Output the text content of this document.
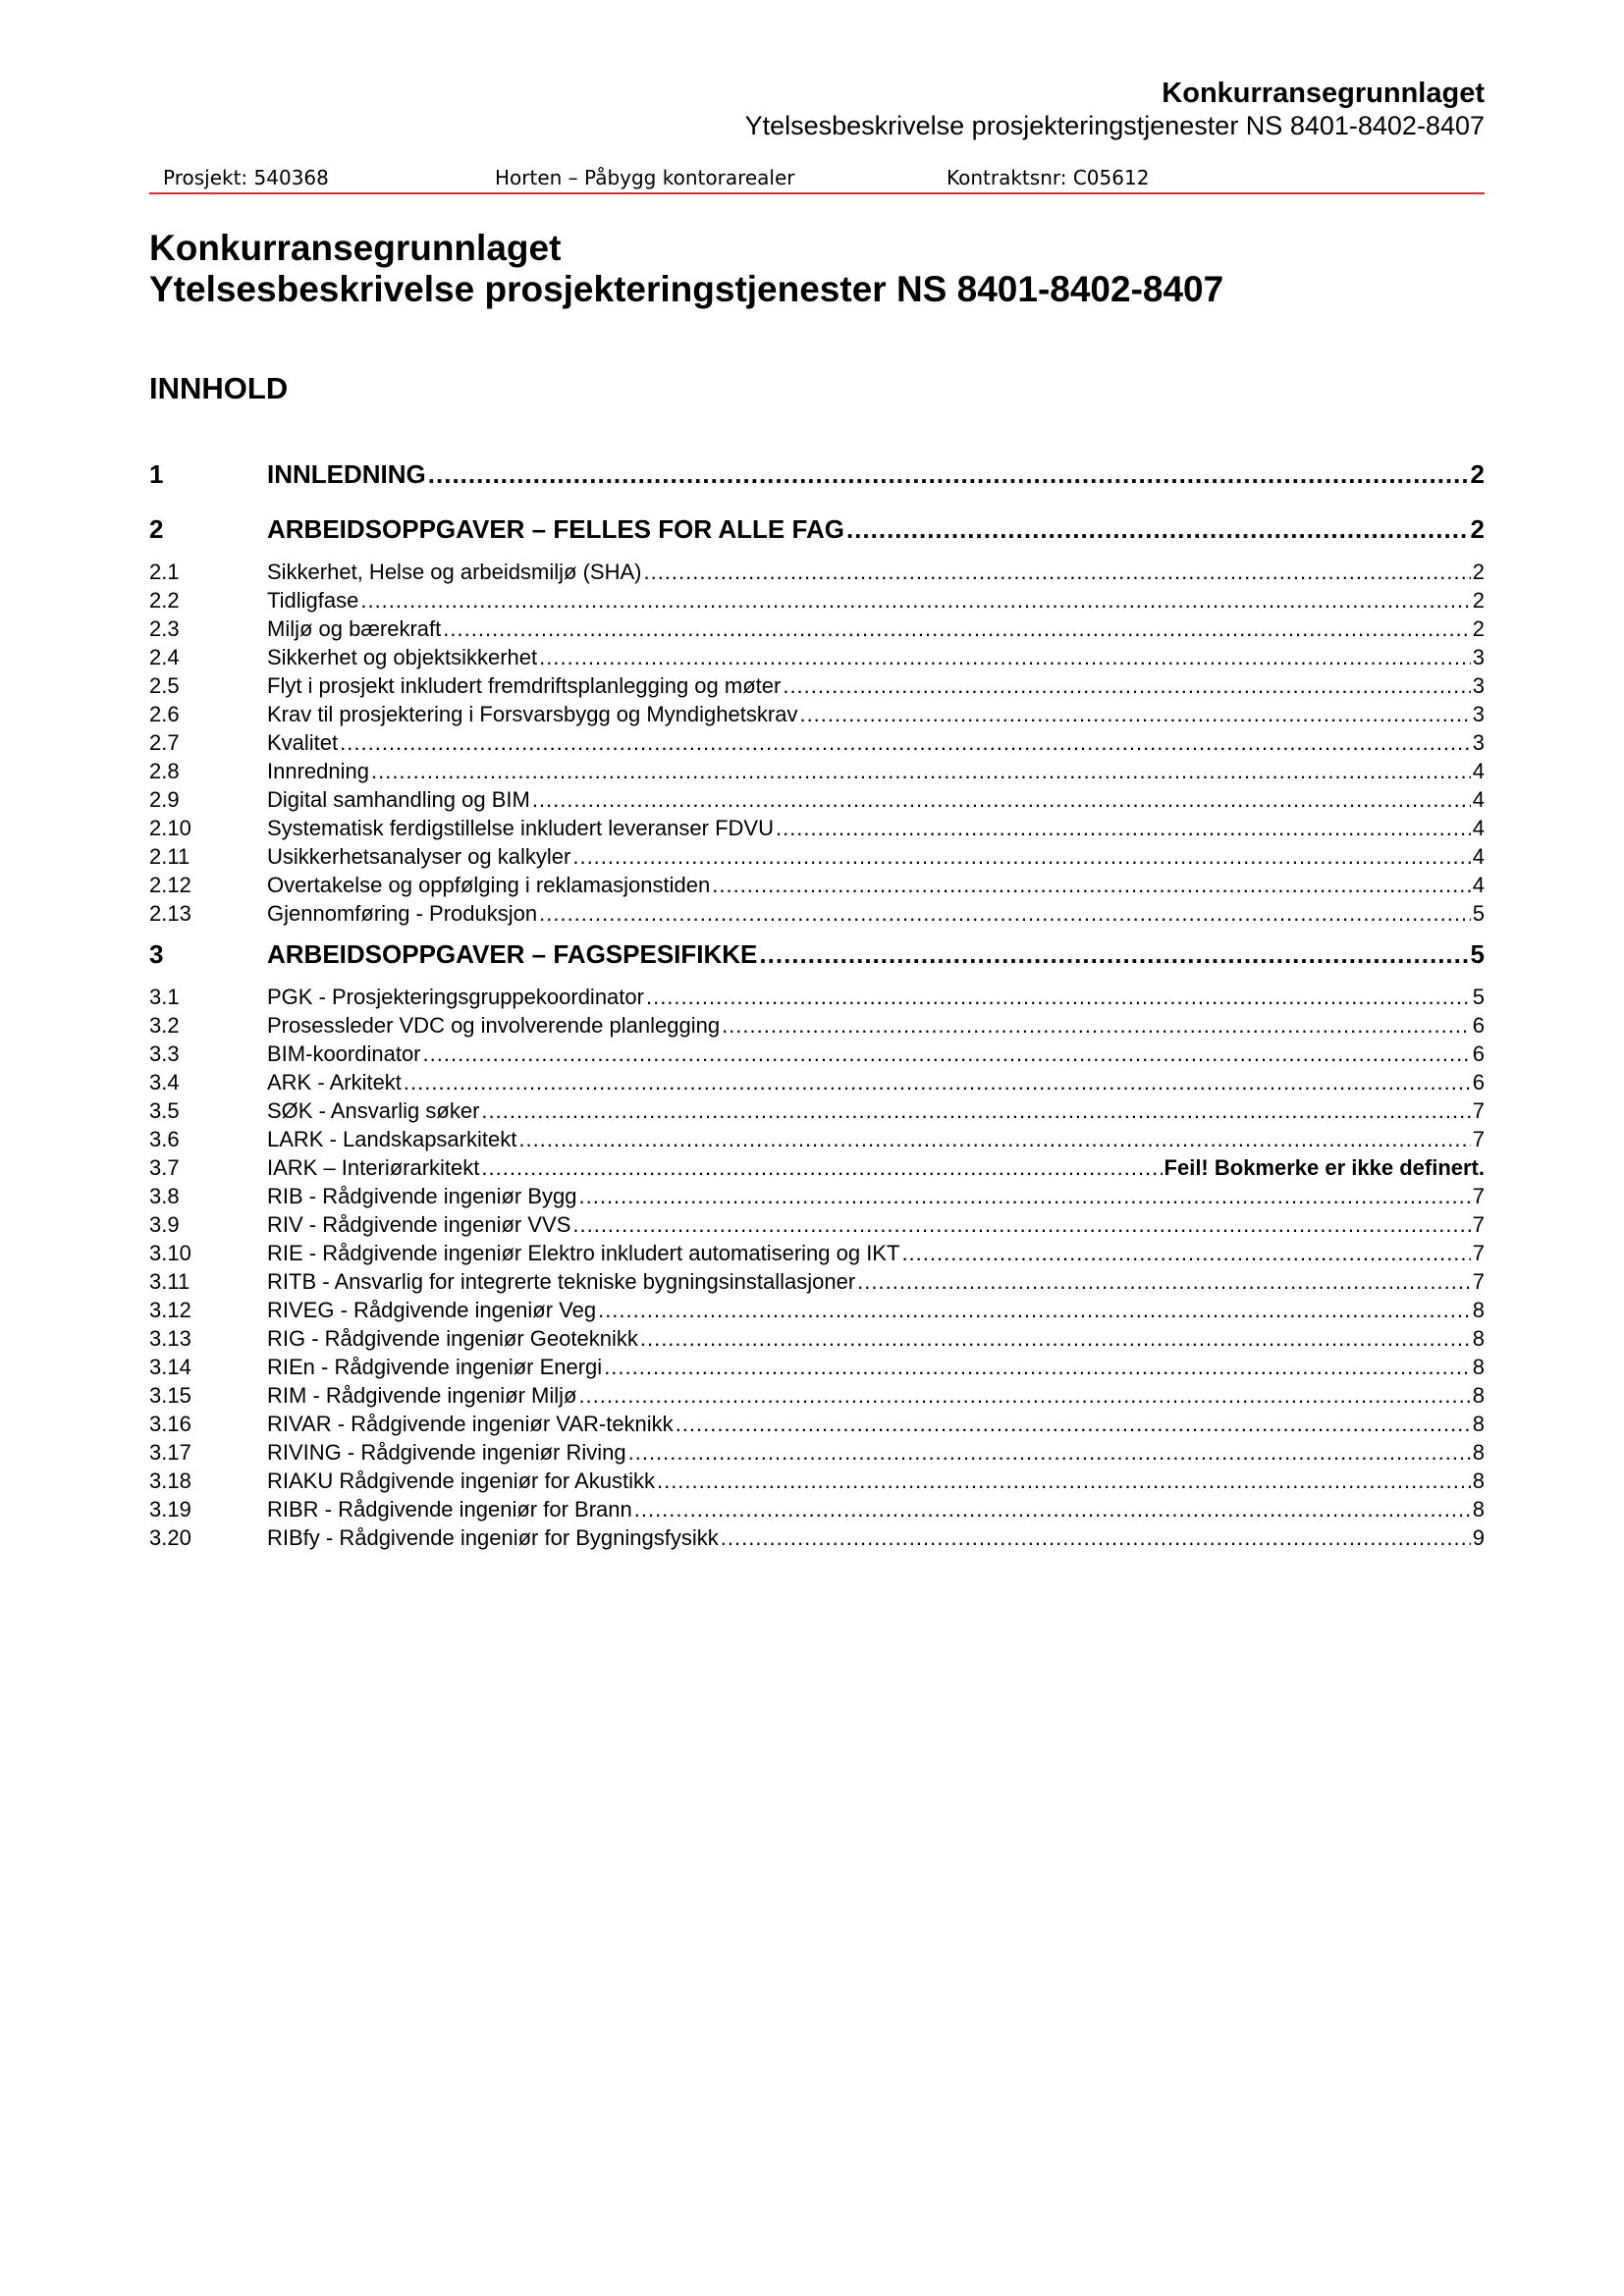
Konkurransegrunnlaget
Ytelsesbeskrivelse prosjekteringstjenester NS 8401-8402-8407
Prosjekt: 540368	Horten – Påbygg kontorarealer	Kontraktsnr: C05612
Konkurransegrunnlaget
Ytelsesbeskrivelse prosjekteringstjenester NS 8401-8402-8407
INNHOLD
1	INNLEDNING .....	2
2	ARBEIDSOPPGAVER – FELLES FOR ALLE FAG .....	2
2.1	Sikkerhet, Helse og arbeidsmiljø (SHA) .....	2
2.2	Tidligfase .....	2
2.3	Miljø og bærekraft .....	2
2.4	Sikkerhet og objektsikkerhet .....	3
2.5	Flyt i prosjekt inkludert fremdriftsplanlegging og møter .....	3
2.6	Krav til prosjektering i Forsvarsbygg og Myndighetskrav .....	3
2.7	Kvalitet .....	3
2.8	Innredning .....	4
2.9	Digital samhandling og BIM .....	4
2.10	Systematisk ferdigstillelse inkludert leveranser FDVU .....	4
2.11	Usikkerhetsanalyser og kalkyler .....	4
2.12	Overtakelse og oppfølging i reklamasjonstiden .....	4
2.13	Gjennomføring - Produksjon .....	5
3	ARBEIDSOPPGAVER – FAGSPESIFIKKE .....	5
3.1	PGK - Prosjekteringsgruppekoordinator .....	5
3.2	Prosessleder VDC og involverende planlegging .....	6
3.3	BIM-koordinator .....	6
3.4	ARK - Arkitekt .....	6
3.5	SØK - Ansvarlig søker .....	7
3.6	LARK - Landskapsarkitekt .....	7
3.7	IARK – Interiørarkitekt .....	Feil! Bokmerke er ikke definert.
3.8	RIB - Rådgivende ingeniør Bygg .....	7
3.9	RIV - Rådgivende ingeniør VVS .....	7
3.10	RIE - Rådgivende ingeniør Elektro inkludert automatisering og IKT .....	7
3.11	RITB - Ansvarlig for integrerte tekniske bygningsinstallasjoner .....	7
3.12	RIVEG - Rådgivende ingeniør Veg .....	8
3.13	RIG - Rådgivende ingeniør Geoteknikk .....	8
3.14	RIEn - Rådgivende ingeniør Energi .....	8
3.15	RIM - Rådgivende ingeniør Miljø .....	8
3.16	RIVAR - Rådgivende ingeniør VAR-teknikk .....	8
3.17	RIVING - Rådgivende ingeniør Riving .....	8
3.18	RIAKU Rådgivende ingeniør for Akustikk .....	8
3.19	RIBR - Rådgivende ingeniør for Brann .....	8
3.20	RIBfy - Rådgivende ingeniør for Bygningsfysikk .....	9
